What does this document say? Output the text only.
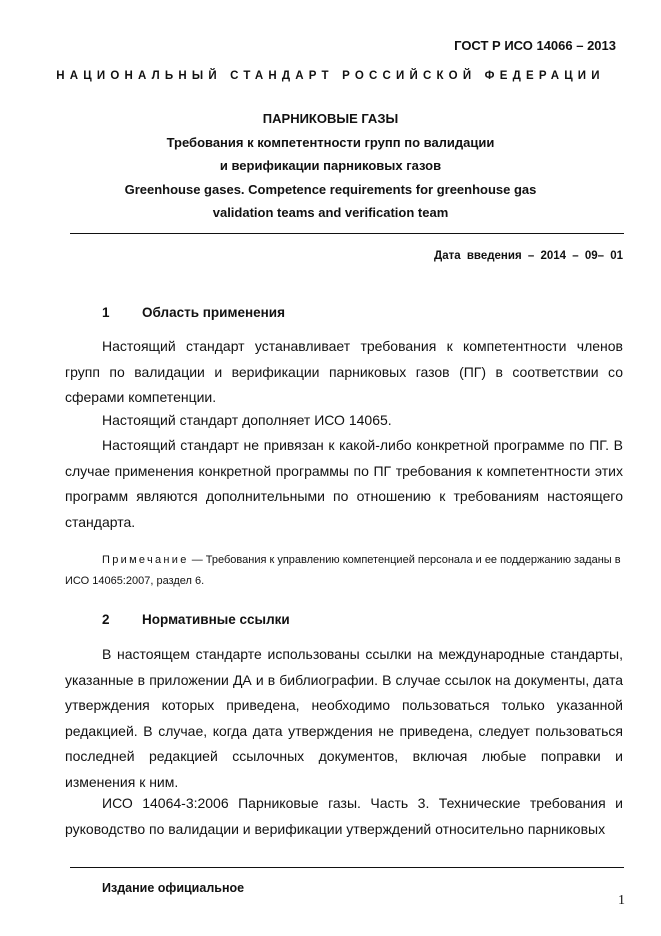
ГОСТ Р ИСО 14066 – 2013
НАЦИОНАЛЬНЫЙ СТАНДАРТ РОССИЙСКОЙ ФЕДЕРАЦИИ
ПАРНИКОВЫЕ ГАЗЫ
Требования к компетентности групп по валидации
и верификации парниковых газов
Greenhouse gases. Competence requirements for greenhouse gas
validation teams and verification team
Дата введения – 2014 – 09– 01
1 Область применения
Настоящий стандарт устанавливает требования к компетентности членов групп по валидации и верификации парниковых газов (ПГ) в соответствии со сферами компетенции.
Настоящий стандарт дополняет ИСО 14065.
Настоящий стандарт не привязан к какой-либо конкретной программе по ПГ. В случае применения конкретной программы по ПГ требования к компетентности этих программ являются дополнительными по отношению к требованиям настоящего стандарта.
Примечание — Требования к управлению компетенцией персонала и ее поддержанию заданы в ИСО 14065:2007, раздел 6.
2 Нормативные ссылки
В настоящем стандарте использованы ссылки на международные стандарты, указанные в приложении ДА и в библиографии. В случае ссылок на документы, дата утверждения которых приведена, необходимо пользоваться только указанной редакцией. В случае, когда дата утверждения не приведена, следует пользоваться последней редакцией ссылочных документов, включая любые поправки и изменения к ним.
ИСО 14064-3:2006 Парниковые газы. Часть 3. Технические требования и руководство по валидации и верификации утверждений относительно парниковых
Издание официальное
1
